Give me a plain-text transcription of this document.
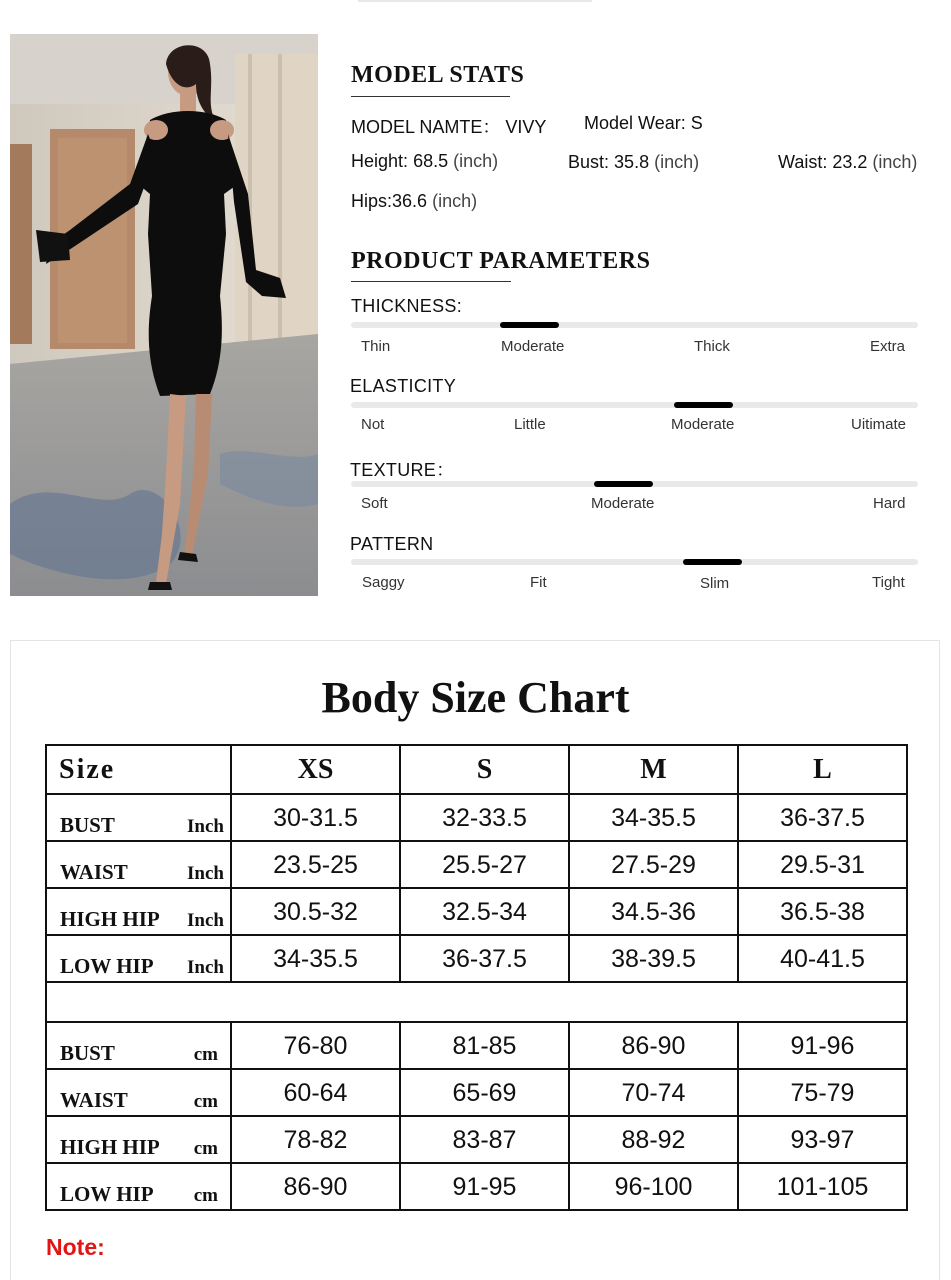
MODEL STATS
MODEL NAMTE： VIVY Model Wear: S
Height: 68.5 (inch)	Bust: 35.8 (inch)	Waist: 23.2 (inch)
Hips:36.6 (inch)
PRODUCT PARAMETERS
THICKNESS:
Thin	Moderate	Thick	Extra
ELASTICITY
Not	Little	Moderate	Uitimate
TEXTURE：
Soft	Moderate	Hard
PATTERN
Saggy	Fit	Slim	Tight
Body Size Chart
Size	XS	S	M	L

BUST Inch	30-31.5	32-33.5	34-35.5	36-37.5

WAIST Inch	23.5-25	25.5-27	27.5-29	29.5-31

HIGH HIP Inch	30.5-32	32.5-34	34.5-36	36.5-38

LOW HIP Inch	34-35.5	36-37.5	38-39.5	40-41.5

BUST cm	76-80	81-85	86-90	91-96

WAIST cm	60-64	65-69	70-74	75-79

HIGH HIP cm	78-82	83-87	88-92	93-97

LOW HIP cm	86-90	91-95	96-100	101-105
Note:
